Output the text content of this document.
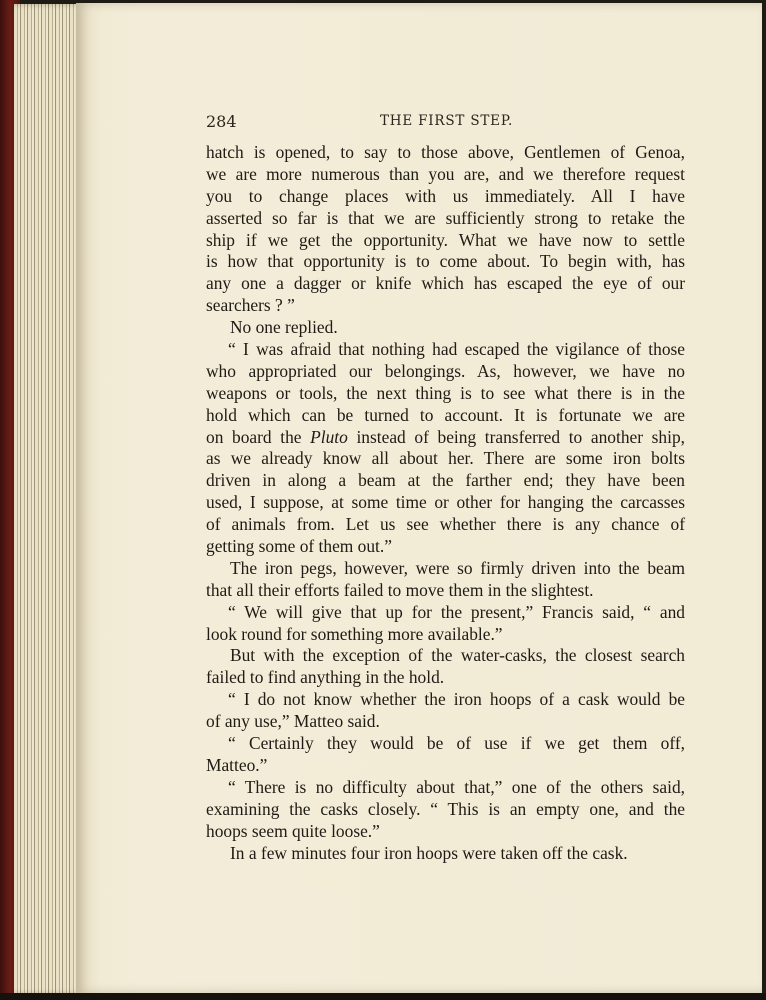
284	THE FIRST STEP.
hatch is opened, to say to those above, Gentlemen of Genoa,
we are more numerous than you are, and we therefore request
you to change places with us immediately. All I have
asserted so far is that we are sufficiently strong to retake the
ship if we get the opportunity. What we have now to settle
is how that opportunity is to come about. To begin with, has
any one a dagger or knife which has escaped the eye of our
searchers ? ”
No one replied.
“ I was afraid that nothing had escaped the vigilance of those
who appropriated our belongings. As, however, we have no
weapons or tools, the next thing is to see what there is in the
hold which can be turned to account. It is fortunate we are
on board the Pluto instead of being transferred to another ship,
as we already know all about her. There are some iron bolts
driven in along a beam at the farther end; they have been
used, I suppose, at some time or other for hanging the carcasses
of animals from. Let us see whether there is any chance of
getting some of them out.”
The iron pegs, however, were so firmly driven into the beam
that all their efforts failed to move them in the slightest.
“ We will give that up for the present,” Francis said, “ and
look round for something more available.”
But with the exception of the water-casks, the closest search
failed to find anything in the hold.
“ I do not know whether the iron hoops of a cask would be
of any use,” Matteo said.
“ Certainly they would be of use if we get them off,
Matteo.”
“ There is no difficulty about that,” one of the others said,
examining the casks closely. “ This is an empty one, and the
hoops seem quite loose.”
In a few minutes four iron hoops were taken off the cask.
